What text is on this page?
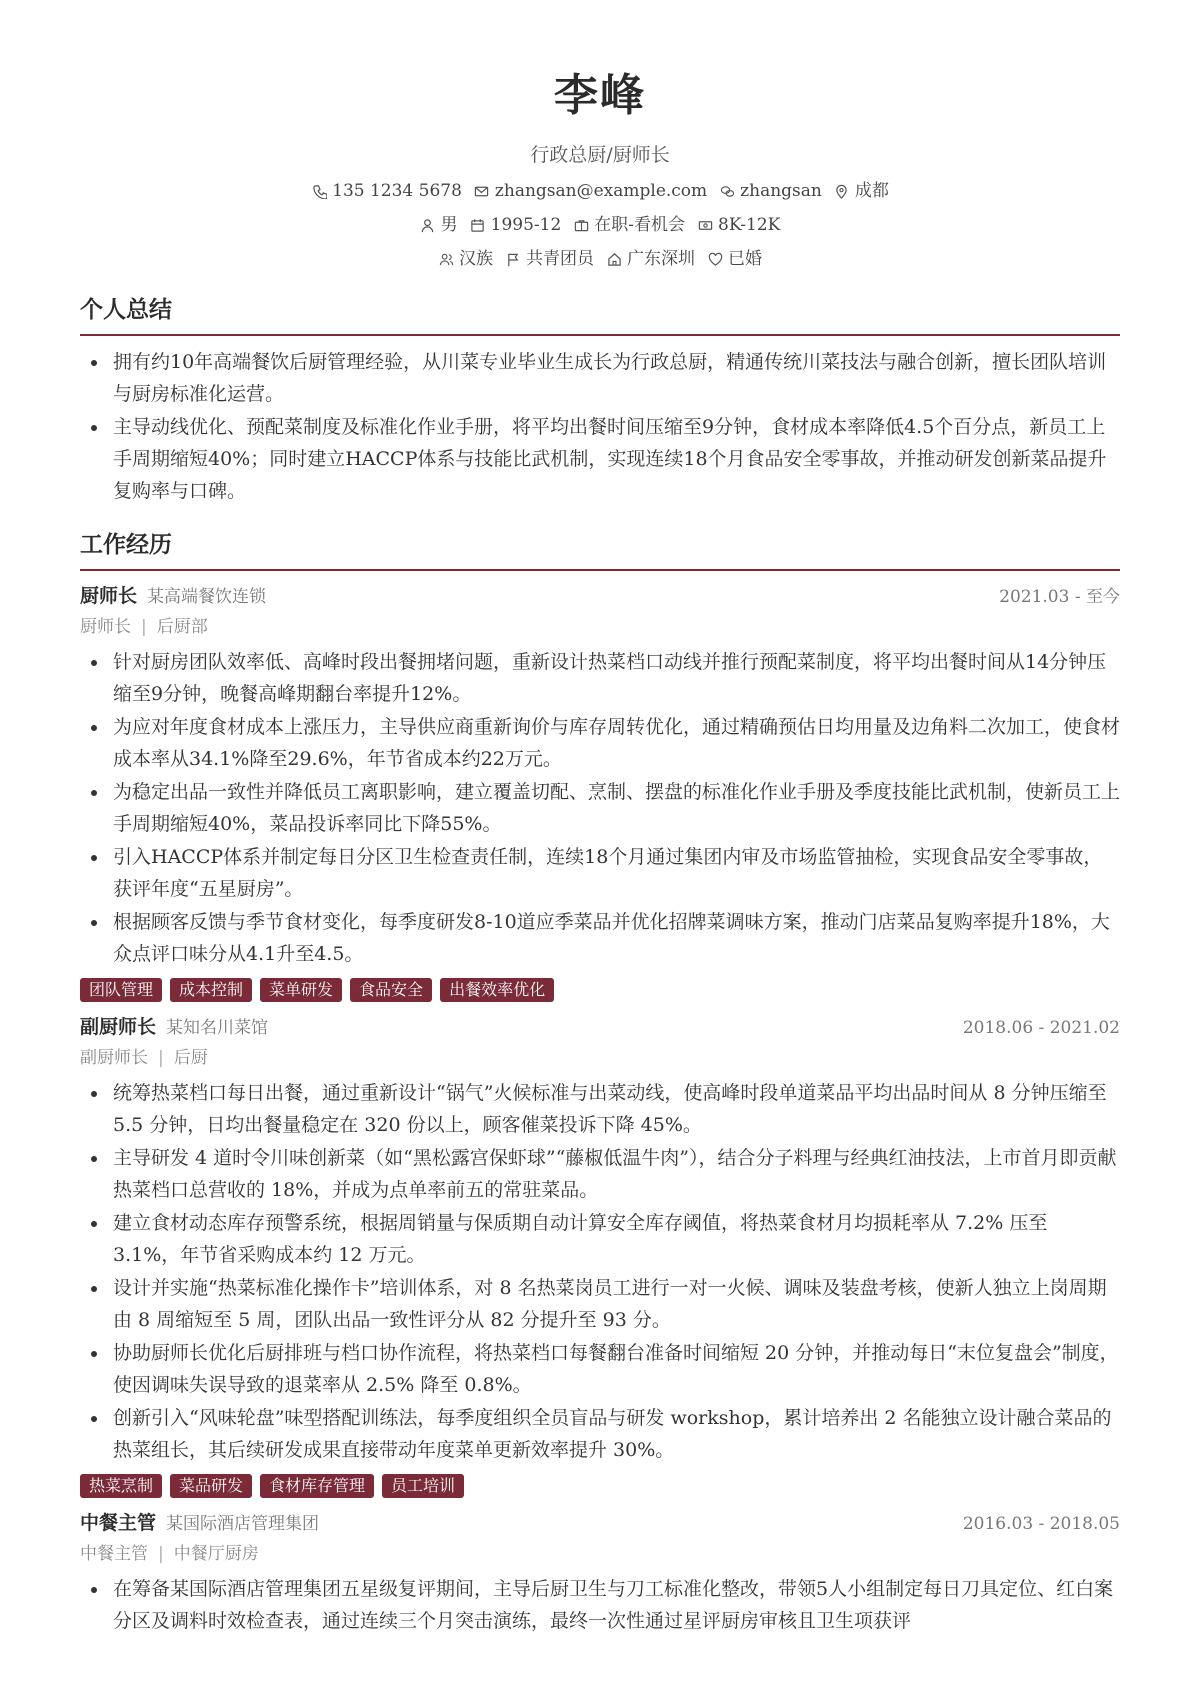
李峰
行政总厨/厨师长
135 1234 5678 zhangsan@example.com zhangsan 成都
男 1995-12 在职-看机会 8K-12K
汉族 共青团员 广东深圳 已婚
个人总结
拥有约10年高端餐饮后厨管理经验，从川菜专业毕业生成长为行政总厨，精通传统川菜技法与融合创新，擅长团队培训与厨房标准化运营。
主导动线优化、预配菜制度及标准化作业手册，将平均出餐时间压缩至9分钟，食材成本率降低4.5个百分点，新员工上手周期缩短40%；同时建立HACCP体系与技能比武机制，实现连续18个月食品安全零事故，并推动研发创新菜品提升复购率与口碑。
工作经历
厨师长 某高端餐饮连锁	2021.03 - 至今
厨师长 | 后厨部
针对厨房团队效率低、高峰时段出餐拥堵问题，重新设计热菜档口动线并推行预配菜制度，将平均出餐时间从14分钟压缩至9分钟，晚餐高峰期翻台率提升12%。
为应对年度食材成本上涨压力，主导供应商重新询价与库存周转优化，通过精确预估日均用量及边角料二次加工，使食材成本率从34.1%降至29.6%，年节省成本约22万元。
为稳定出品一致性并降低员工离职影响，建立覆盖切配、烹制、摆盘的标准化作业手册及季度技能比武机制，使新员工上手周期缩短40%，菜品投诉率同比下降55%。
引入HACCP体系并制定每日分区卫生检查责任制，连续18个月通过集团内审及市场监管抽检，实现食品安全零事故，获评年度“五星厨房”。
根据顾客反馈与季节食材变化，每季度研发8-10道应季菜品并优化招牌菜调味方案，推动门店菜品复购率提升18%，大众点评口味分从4.1升至4.5。
团队管理	成本控制	菜单研发	食品安全	出餐效率优化
副厨师长 某知名川菜馆	2018.06 - 2021.02
副厨师长 | 后厨
统筹热菜档口每日出餐，通过重新设计“锅气”火候标准与出菜动线，使高峰时段单道菜品平均出品时间从 8 分钟压缩至 5.5 分钟，日均出餐量稳定在 320 份以上，顾客催菜投诉下降 45%。
主导研发 4 道时令川味创新菜（如“黑松露宫保虾球”“藤椒低温牛肉”），结合分子料理与经典红油技法，上市首月即贡献热菜档口总营收的 18%，并成为点单率前五的常驻菜品。
建立食材动态库存预警系统，根据周销量与保质期自动计算安全库存阈值，将热菜食材月均损耗率从 7.2% 压至 3.1%，年节省采购成本约 12 万元。
设计并实施“热菜标准化操作卡”培训体系，对 8 名热菜岗员工进行一对一火候、调味及装盘考核，使新人独立上岗周期由 8 周缩短至 5 周，团队出品一致性评分从 82 分提升至 93 分。
协助厨师长优化后厨排班与档口协作流程，将热菜档口每餐翻台准备时间缩短 20 分钟，并推动每日“末位复盘会”制度，使因调味失误导致的退菜率从 2.5% 降至 0.8%。
创新引入“风味轮盘”味型搭配训练法，每季度组织全员盲品与研发 workshop，累计培养出 2 名能独立设计融合菜品的热菜组长，其后续研发成果直接带动年度菜单更新效率提升 30%。
热菜烹制	菜品研发	食材库存管理	员工培训
中餐主管 某国际酒店管理集团	2016.03 - 2018.05
中餐主管 | 中餐厅厨房
在筹备某国际酒店管理集团五星级复评期间，主导后厨卫生与刀工标准化整改，带领5人小组制定每日刀具定位、红白案分区及调料时效检查表，通过连续三个月突击演练，最终一次性通过星评厨房审核且卫生项获评
